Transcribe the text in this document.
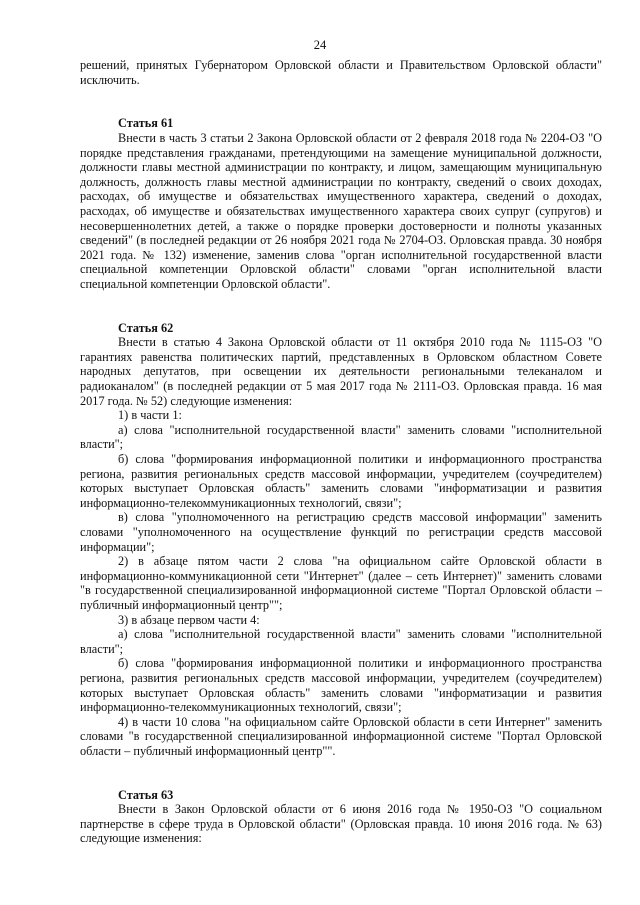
24

решений, принятых Губернатором Орловской области и Правительством Орловской области" исключить.

Статья 61

Внести в часть 3 статьи 2 Закона Орловской области от 2 февраля 2018 года № 2204-ОЗ "О порядке представления гражданами, претендующими на замещение муниципальной должности, должности главы местной администрации по контракту, и лицом, замещающим муниципальную должность, должность главы местной администрации по контракту, сведений о своих доходах, расходах, об имуществе и обязательствах имущественного характера, сведений о доходах, расходах, об имуществе и обязательствах имущественного характера своих супруг (супругов) и несовершеннолетних детей, а также о порядке проверки достоверности и полноты указанных сведений" (в последней редакции от 26 ноября 2021 года № 2704-ОЗ. Орловская правда. 30 ноября 2021 года. № 132) изменение, заменив слова "орган исполнительной государственной власти специальной компетенции Орловской области" словами "орган исполнительной власти специальной компетенции Орловской области".

Статья 62

Внести в статью 4 Закона Орловской области от 11 октября 2010 года № 1115-ОЗ "О гарантиях равенства политических партий, представленных в Орловском областном Совете народных депутатов, при освещении их деятельности региональными телеканалом и радиоканалом" (в последней редакции от 5 мая 2017 года № 2111-ОЗ. Орловская правда. 16 мая 2017 года. № 52) следующие изменения:

1) в части 1:

а) слова "исполнительной государственной власти" заменить словами "исполнительной власти";

б) слова "формирования информационной политики и информационного пространства региона, развития региональных средств массовой информации, учредителем (соучредителем) которых выступает Орловская область" заменить словами "информатизации и развития информационно-телекоммуникационных технологий, связи";

в) слова "уполномоченного на регистрацию средств массовой информации" заменить словами "уполномоченного на осуществление функций по регистрации средств массовой информации";

2) в абзаце пятом части 2 слова "на официальном сайте Орловской области в информационно-коммуникационной сети "Интернет" (далее – сеть Интернет)" заменить словами "в государственной специализированной информационной системе "Портал Орловской области – публичный информационный центр"";

3) в абзаце первом части 4:

а) слова "исполнительной государственной власти" заменить словами "исполнительной власти";

б) слова "формирования информационной политики и информационного пространства региона, развития региональных средств массовой информации, учредителем (соучредителем) которых выступает Орловская область" заменить словами "информатизации и развития информационно-телекоммуникационных технологий, связи";

4) в части 10 слова "на официальном сайте Орловской области в сети Интернет" заменить словами "в государственной специализированной информационной системе "Портал Орловской области – публичный информационный центр"".

Статья 63

Внести в Закон Орловской области от 6 июня 2016 года № 1950-ОЗ "О социальном партнерстве в сфере труда в Орловской области" (Орловская правда. 10 июня 2016 года. № 63) следующие изменения:
